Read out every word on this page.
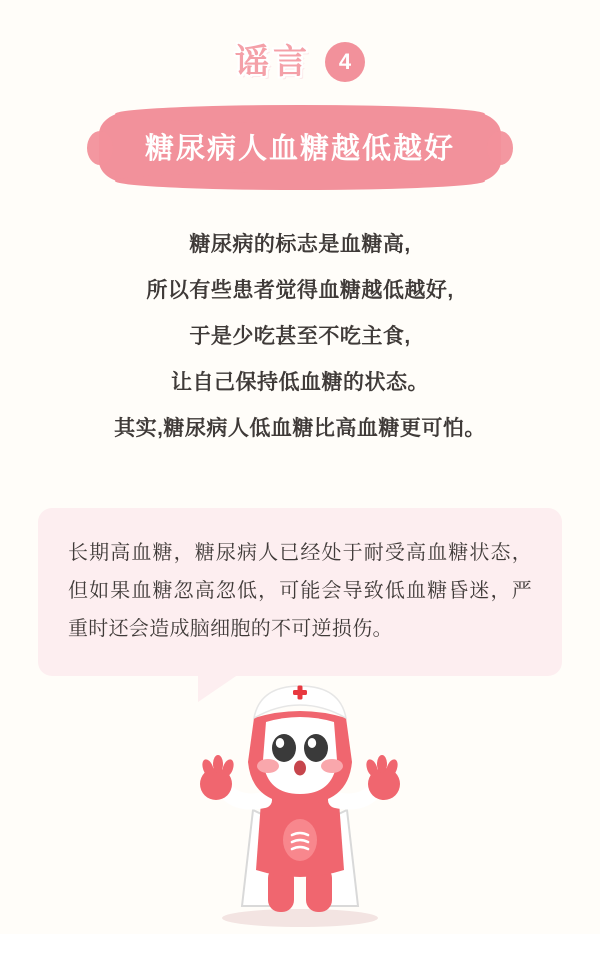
谣言	4
糖尿病人血糖越低越好
糖尿病的标志是血糖高,
所以有些患者觉得血糖越低越好,
于是少吃甚至不吃主食,
让自己保持低血糖的状态。
其实,糖尿病人低血糖比高血糖更可怕。

长期高血糖，糖尿病人已经处于耐受高血糖状态，但如果血糖忽高忽低，可能会导致低血糖昏迷，严重时还会造成脑细胞的不可逆损伤。
